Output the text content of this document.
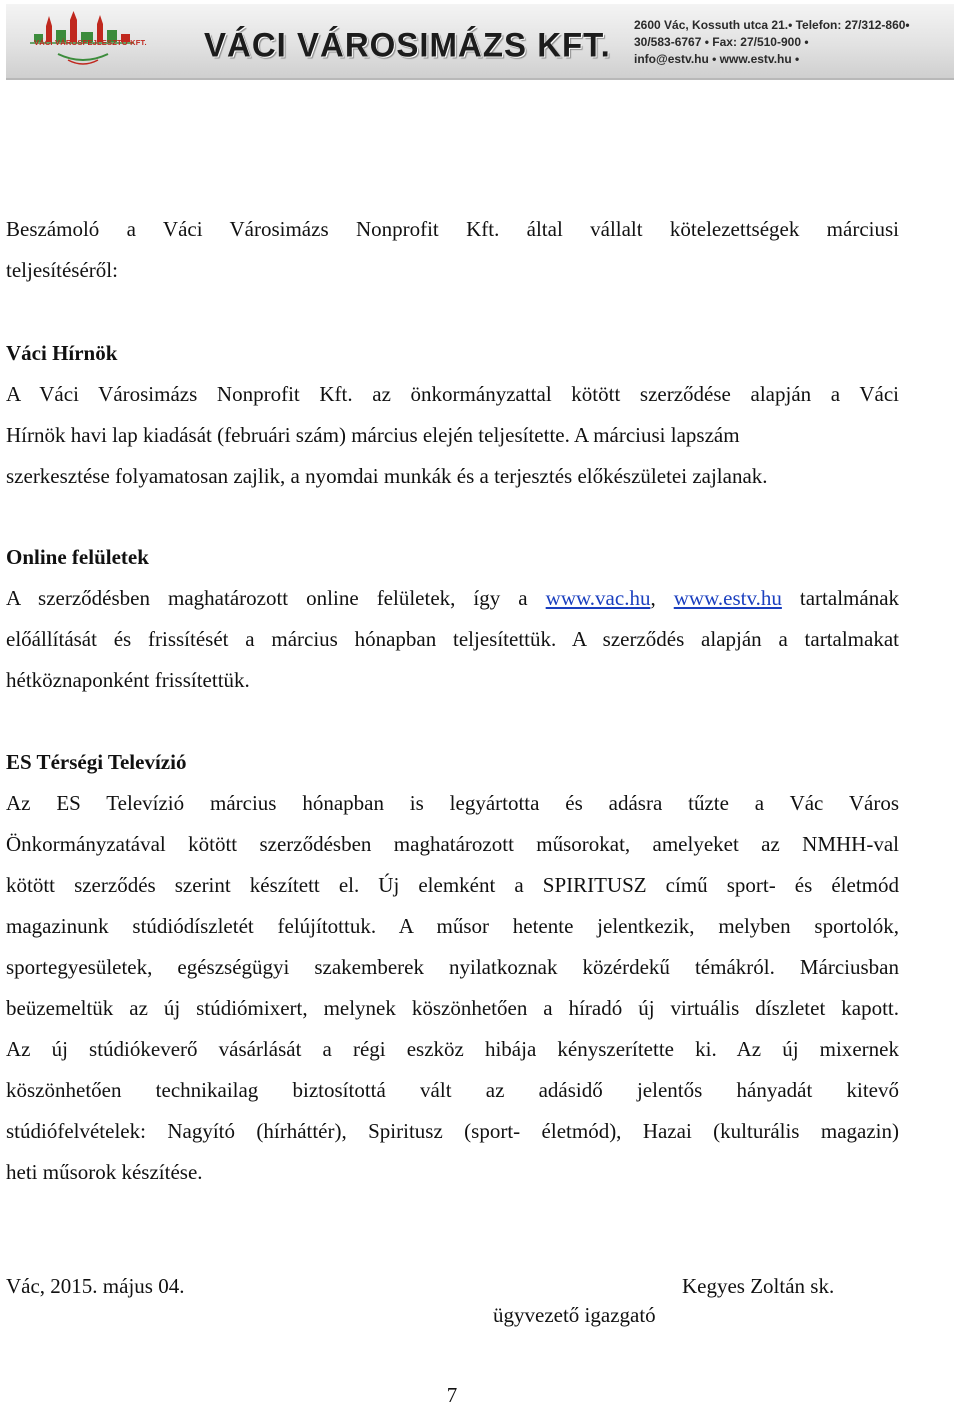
VÁCI VÁROSFEJLESZTŐ KFT. VÁCI VÁROSIMÁZS KFT.
2600 Vác, Kossuth utca 21.• Telefon: 27/312-860•
30/583-6767 • Fax: 27/510-900 •
info@estv.hu • www.estv.hu •
Beszámoló a Váci Városimázs Nonprofit Kft. által vállalt kötelezettségek márciusi
teljesítéséről:
Váci Hírnök
A Váci Városimázs Nonprofit Kft. az önkormányzattal kötött szerződése alapján a Váci
Hírnök havi lap kiadását (februári szám) március elején teljesítette. A márciusi lapszám
szerkesztése folyamatosan zajlik, a nyomdai munkák és a terjesztés előkészületei zajlanak.
Online felületek
A szerződésben maghatározott online felületek, így a www.vac.hu, www.estv.hu tartalmának
előállítását és frissítését a március hónapban teljesítettük. A szerződés alapján a tartalmakat
hétköznaponként frissítettük.
ES Térségi Televízió
Az ES Televízió március hónapban is legyártotta és adásra tűzte a Vác Város
Önkormányzatával kötött szerződésben maghatározott műsorokat, amelyeket az NMHH-val
kötött szerződés szerint készített el. Új elemként a SPIRITUSZ című sport- és életmód
magazinunk stúdiódíszletét felújítottuk. A műsor hetente jelentkezik, melyben sportolók,
sportegyesületek, egészségügyi szakemberek nyilatkoznak közérdekű témákról. Márciusban
beüzemeltük az új stúdiómixert, melynek köszönhetően a híradó új virtuális díszletet kapott.
Az új stúdiókeverő vásárlását a régi eszköz hibája kényszerítette ki. Az új mixernek
köszönhetően technikailag biztosítottá vált az adásidő jelentős hányadát kitevő
stúdiófelvételek: Nagyító (hírháttér), Spiritusz (sport- életmód), Hazai (kulturális magazin)
heti műsorok készítése.
Vác, 2015. május 04.	Kegyes Zoltán sk.
ügyvezető igazgató
7
